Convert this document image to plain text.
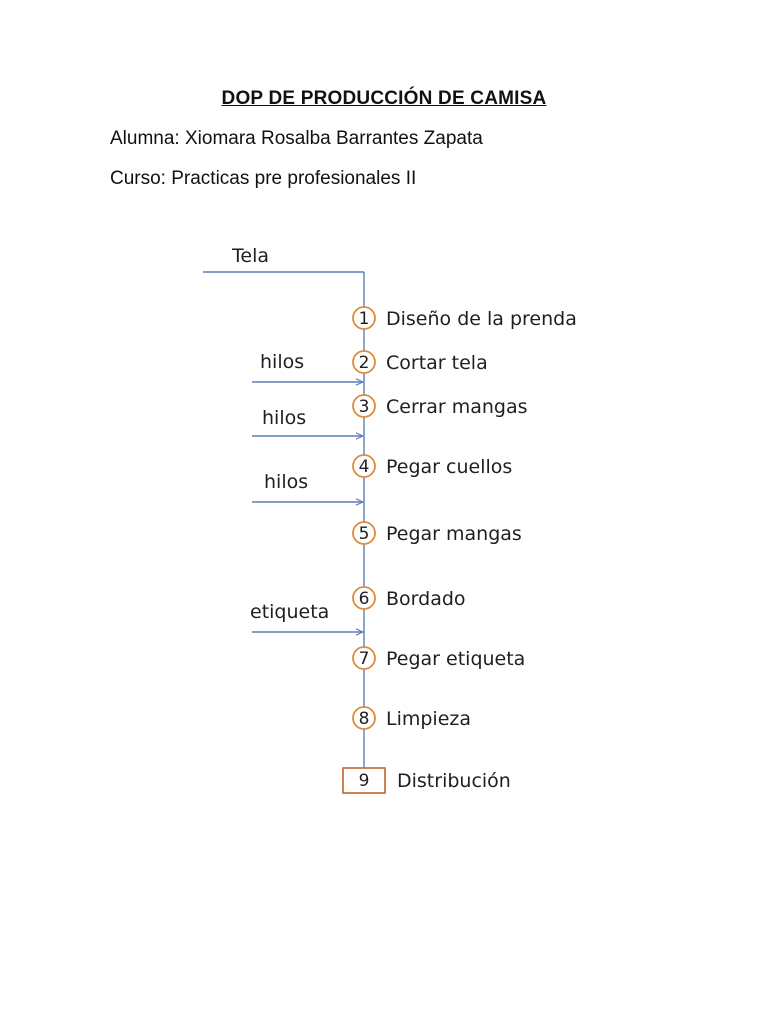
DOP DE PRODUCCIÓN DE CAMISA
Alumna: Xiomara Rosalba Barrantes Zapata
Curso: Practicas pre profesionales II
Tela
hilos
hilos
hilos
etiqueta
1 Diseño de la prenda
2 Cortar tela
3 Cerrar mangas
4 Pegar cuellos
5 Pegar mangas
6 Bordado
7 Pegar etiqueta
8 Limpieza
9 Distribución
